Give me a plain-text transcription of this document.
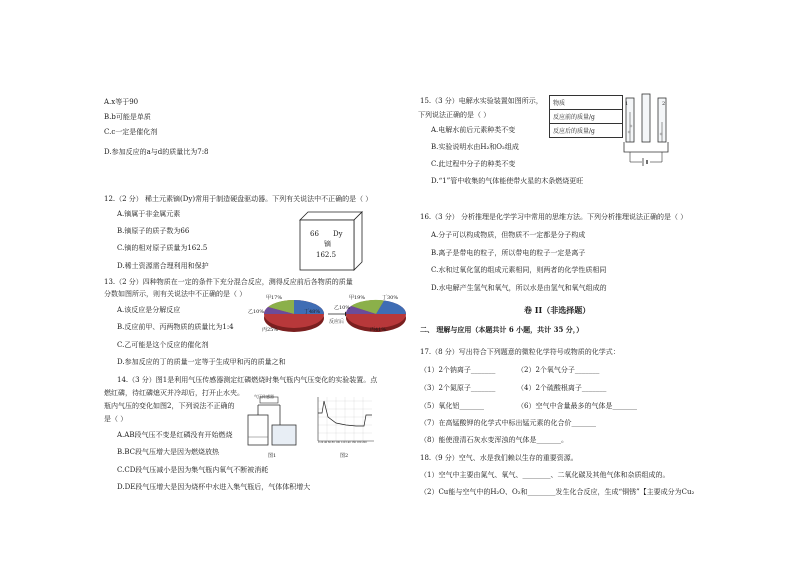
A.x等于90
B.b可能是单质
C.c一定是催化剂
D.参加反应的a与d的质量比为7:8
12.（2 分） 稀土元素镝(Dy)常用于制造硬盘驱动器。下列有关说法中不正确的是（ ）
A.镝属于非金属元素
B.镝原子的质子数为66
C.镝的相对原子质量为162.5
D.稀土资源需合理利用和保护
66 Dy
镝
162.5
13.（2 分）四种物质在一定的条件下充分混合反应，测得反应前后各物质的质量
分数如图所示，则有关说法中不正确的是（ ）
A.该反应是分解反应
B.反应前甲、丙两物质的质量比为1:4
C.乙可能是这个反应的催化剂
D.参加反应的丁的质量一定等于生成甲和丙的质量之和
甲17%
乙10%	丁48%
丙25%
反应后
甲19%	丁30%
乙10%
丙41%
14.（3 分）图1是利用气压传感器测定红磷燃烧时集气瓶内气压变化的实验装置。点
燃红磷，待红磷熄灭并冷却后，打开止水夹。
瓶内气压的变化如图2，下列说法不正确的
是（ ）
A.AB段气压不变是红磷没有开始燃烧
B.BC段气压增大是因为燃烧放热
C.CD段气压减小是因为集气瓶内氧气不断被消耗
D.DE段气压增大是因为烧杯中水进入集气瓶后，气体体积增大
气压传感器
图1
0 20 40 60 80 100 120 140 160 180 200
图2
15.（3 分）电解水实验装置如图所示，
下列说法正确的是（ ）
A.电解水前后元素种类不变
B.实验说明水由H₂和O₂组成
C.此过程中分子的种类不变
D.“1”管中收集的气体能使带火星的木条燃烧更旺
物质
反应前的质量/g
反应后的质量/g
1	2
16.（3 分） 分析推理是化学学习中常用的思维方法。下列分析推理说法正确的是（ ）
A.分子可以构成物质，但物质不一定都是分子构成
B.离子是带电的粒子，所以带电的粒子一定是离子
C.水和过氧化氢的组成元素相同，则两者的化学性质相同
D.水电解产生氢气和氧气，所以水是由氢气和氧气组成的
卷 II（非选择题）
二、 理解与应用（本题共计 6 小题，共计 35 分，）
17.（8 分）写出符合下列题意的微粒化学符号或物质的化学式：
（1）2个钠离子_______	（2）2个氧气分子_______
（3）2个氮原子_______	（4）2个硫酸根离子_______
（5）氧化铝_______	（6）空气中含量最多的气体是_______
（7）在高锰酸钾的化学式中标出锰元素的化合价_______
（8）能使澄清石灰水变浑浊的气体是_______。
18.（9 分）空气、水是我们赖以生存的重要资源。
（1）空气中主要由氮气、氧气、________、二氧化碳及其他气体和杂质组成的。
（2）Cu能与空气中的H₂O、O₂和________发生化合反应，生成“铜锈”【主要成分为Cu₂
